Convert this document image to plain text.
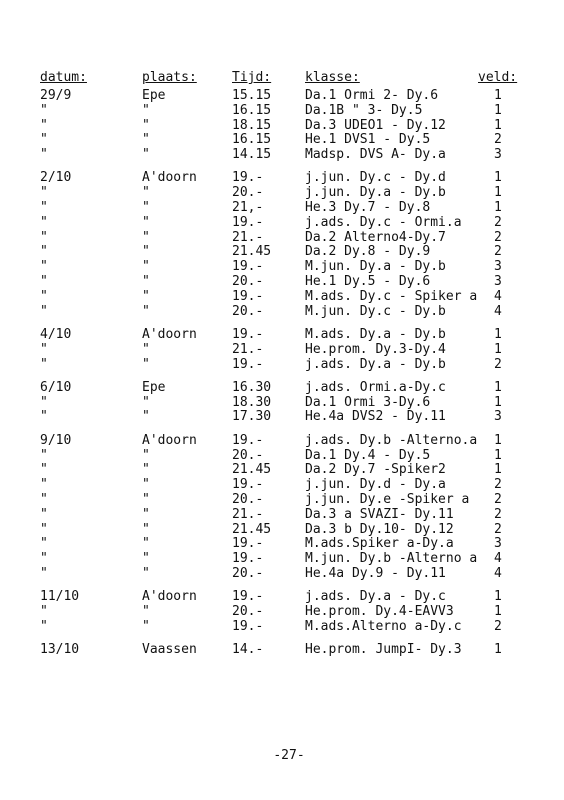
datum:	plaats:	Tijd:	klasse:	veld:
29/9	Epe	15.15	Da.1 Ormi 2- Dy.6	1
"	"	16.15	Da.1B " 3- Dy.5	1
"	"	18.15	Da.3 UDEO1 - Dy.12	1
"	"	16.15	He.1 DVS1 - Dy.5	2
"	"	14.15	Madsp. DVS A- Dy.a	3
2/10	A'doorn	19.-	j.jun. Dy.c - Dy.d	1
"	"	20.-	j.jun. Dy.a - Dy.b	1
"	"	21,-	He.3 Dy.7 - Dy.8	1
"	"	19.-	j.ads. Dy.c - Ormi.a 2
"	"	21.-	Da.2 Alterno4-Dy.7	2
"	"	21.45	Da.2 Dy.8 - Dy.9	2
"	"	19.-	M.jun. Dy.a - Dy.b	3
"	"	20.-	He.1 Dy.5 - Dy.6	3
"	"	19.-	M.ads. Dy.c - Spiker a 4
"	"	20.-	M.jun. Dy.c - Dy.b	4
4/10	A'doorn	19.-	M.ads. Dy.a - Dy.b	1
"	"	21.-	He.prom. Dy.3-Dy.4	1
"	"	19.-	j.ads. Dy.a - Dy.b	2
6/10	Epe	16.30	j.ads. Ormi.a-Dy.c	1
"	"	18.30	Da.1 Ormi 3-Dy.6	1
"	"	17.30	He.4a DVS2 - Dy.11	3
9/10	A'doorn	19.-	j.ads. Dy.b -Alterno.a 1
"	"	20.-	Da.1 Dy.4 - Dy.5	1
"	"	21.45	Da.2 Dy.7 -Spiker2	1
"	"	19.-	j.jun. Dy.d - Dy.a	2
"	"	20.-	j.jun. Dy.e -Spiker a 2
"	"	21.-	Da.3 a SVAZI- Dy.11	2
"	"	21.45	Da.3 b Dy.10- Dy.12	2
"	"	19.-	M.ads.Spiker a-Dy.a	3
"	"	19.-	M.jun. Dy.b -Alterno a 4
"	"	20.-	He.4a Dy.9 - Dy.11	4
11/10	A'doorn	19.-	j.ads. Dy.a - Dy.c	1
"	"	20.-	He.prom. Dy.4-EAVV3	1
"	"	19.-	M.ads.Alterno a-Dy.c 2
13/10	Vaassen	14.-	He.prom. JumpI- Dy.3 1
-27-
